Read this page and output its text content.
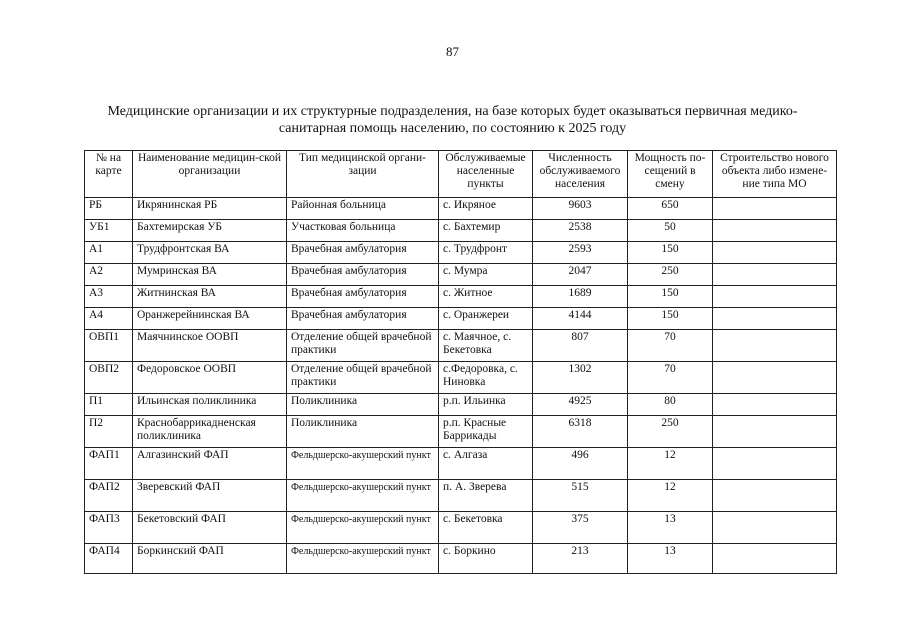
87
Медицинские организации и их структурные подразделения, на базе которых будет оказываться первичная медико-санитарная помощь населению, по состоянию к 2025 году
№ на карте	Наименование медицин-ской организации	Тип медицинской органи-зации	Обслуживаемые населенные пункты	Численность обслуживаемого населения	Мощность по-сещений в смену	Строительство нового объекта либо измене-ние типа МО
РБ	Икрянинская РБ	Районная больница	с. Икряное	9603	650	
УБ1	Бахтемирская УБ	Участковая больница	с. Бахтемир	2538	50	
А1	Трудфронтская ВА	Врачебная амбулатория	с. Трудфронт	2593	150	
А2	Мумринская ВА	Врачебная амбулатория	с. Мумра	2047	250	
А3	Житнинская ВА	Врачебная амбулатория	с. Житное	1689	150	
А4	Оранжерейнинская ВА	Врачебная амбулатория	с. Оранжереи	4144	150	
ОВП1	Маячнинское ООВП	Отделение общей врачебной практики	с. Маячное, с. Бекетовка	807	70	
ОВП2	Федоровское ООВП	Отделение общей врачебной практики	с.Федоровка, с. Ниновка	1302	70	
П1	Ильинская поликлиника	Поликлиника	р.п. Ильинка	4925	80	
П2	Краснобаррикадненская поликлиника	Поликлиника	р.п. Красные Баррикады	6318	250	
ФАП1	Алгазинский ФАП	Фельдшерско-акушерский пункт	с. Алгаза	496	12	
ФАП2	Зверевский ФАП	Фельдшерско-акушерский пункт	п. А. Зверева	515	12	
ФАП3	Бекетовский ФАП	Фельдшерско-акушерский пункт	с. Бекетовка	375	13	
ФАП4	Боркинский ФАП	Фельдшерско-акушерский пункт	с. Боркино	213	13	
